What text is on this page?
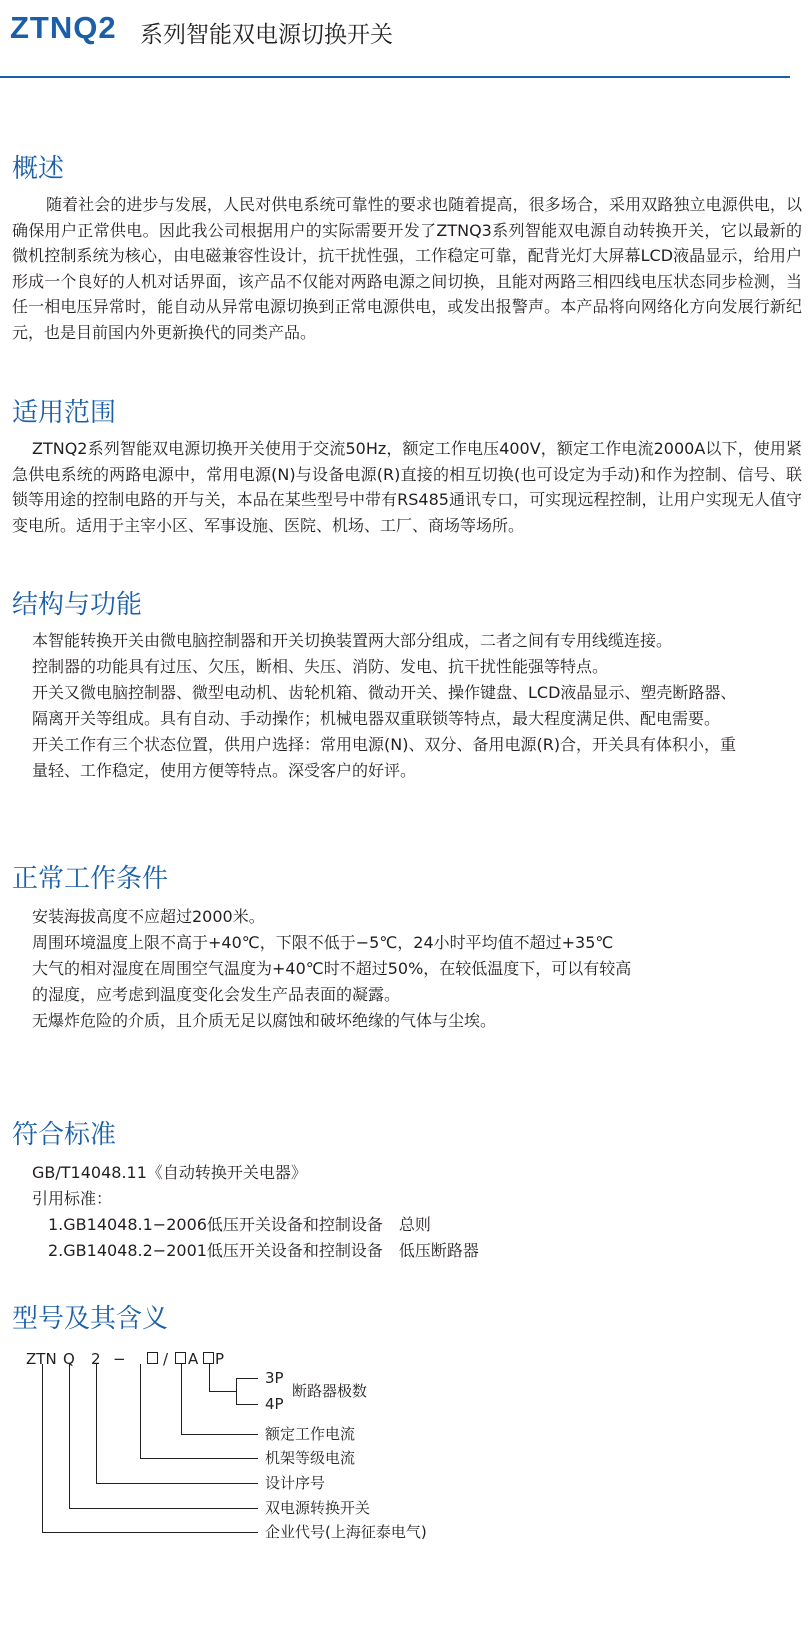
ZTNQ2 系列智能双电源切换开关
概述

随着社会的进步与发展，人民对供电系统可靠性的要求也随着提高，很多场合，采用双路独立电源供电，以确保用户正常供电。因此我公司根据用户的实际需要开发了ZTNQ3系列智能双电源自动转换开关，它以最新的微机控制系统为核心，由电磁兼容性设计，抗干扰性强，工作稳定可靠，配背光灯大屏幕LCD液晶显示，给用户形成一个良好的人机对话界面，该产品不仅能对两路电源之间切换，且能对两路三相四线电压状态同步检测，当任一相电压异常时，能自动从异常电源切换到正常电源供电，或发出报警声。本产品将向网络化方向发展行新纪元，也是目前国内外更新换代的同类产品。

适用范围

ZTNQ2系列智能双电源切换开关使用于交流50Hz，额定工作电压400V，额定工作电流2000A以下，使用紧急供电系统的两路电源中，常用电源(N)与设备电源(R)直接的相互切换(也可设定为手动)和作为控制、信号、联锁等用途的控制电路的开与关，本品在某些型号中带有RS485通讯专口，可实现远程控制，让用户实现无人值守变电所。适用于主宰小区、军事设施、医院、机场、工厂、商场等场所。

结构与功能
本智能转换开关由微电脑控制器和开关切换装置两大部分组成，二者之间有专用线缆连接。
控制器的功能具有过压、欠压，断相、失压、消防、发电、抗干扰性能强等特点。
开关又微电脑控制器、微型电动机、齿轮机箱、微动开关、操作键盘、LCD液晶显示、塑壳断路器、
隔离开关等组成。具有自动、手动操作；机械电器双重联锁等特点，最大程度满足供、配电需要。
开关工作有三个状态位置，供用户选择：常用电源(N)、双分、备用电源(R)合，开关具有体积小，重
量轻、工作稳定，使用方便等特点。深受客户的好评。
正常工作条件
安装海拔高度不应超过2000米。
周围环境温度上限不高于+40℃，下限不低于−5℃，24小时平均值不超过+35℃
大气的相对湿度在周围空气温度为+40℃时不超过50%，在较低温度下，可以有较高
的湿度，应考虑到温度变化会发生产品表面的凝露。
无爆炸危险的介质，且介质无足以腐蚀和破坏绝缘的气体与尘埃。
符合标准
GB/T14048.11《自动转换开关电器》
引用标准：
1.GB14048.1−2006低压开关设备和控制设备　总则
2.GB14048.2−2001低压开关设备和控制设备　低压断路器
型号及其含义
ZTN Q 2 − / A P
3P
4P
断路器极数
额定工作电流
机架等级电流
设计序号
双电源转换开关
企业代号(上海征泰电气)
